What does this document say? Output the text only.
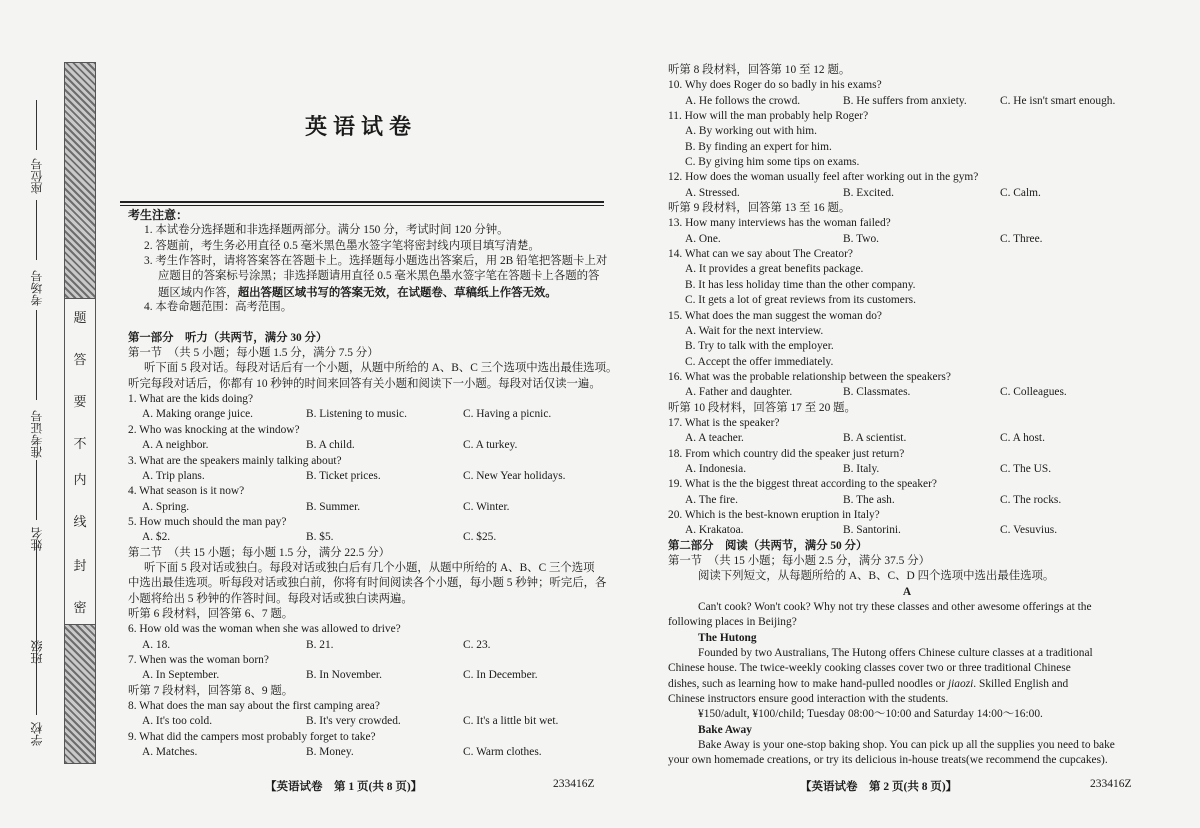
题
答
要
不
内
线
封
密
学校
班级
姓名
准考证号
考场号
座位号
英语试卷
考生注意：
1. 本试卷分选择题和非选择题两部分。满分 150 分，考试时间 120 分钟。
2. 答题前，考生务必用直径 0.5 毫米黑色墨水签字笔将密封线内项目填写清楚。
3. 考生作答时，请将答案答在答题卡上。选择题每小题选出答案后，用 2B 铅笔把答题卡上对
应题目的答案标号涂黑；非选择题请用直径 0.5 毫米黑色墨水签字笔在答题卡上各题的答
题区域内作答，超出答题区域书写的答案无效，在试题卷、草稿纸上作答无效。
4. 本卷命题范围：高考范围。
第一部分　听力（共两节，满分 30 分）
第一节　（共 5 小题；每小题 1.5 分，满分 7.5 分）
听下面 5 段对话。每段对话后有一个小题，从题中所给的 A、B、C 三个选项中选出最佳选项。
听完每段对话后，你都有 10 秒钟的时间来回答有关小题和阅读下一小题。每段对话仅读一遍。
1. What are the kids doing?
A. Making orange juice.	B. Listening to music.	C. Having a picnic.
2. Who was knocking at the window?
A. A neighbor.	B. A child.	C. A turkey.
3. What are the speakers mainly talking about?
A. Trip plans.	B. Ticket prices.	C. New Year holidays.
4. What season is it now?
A. Spring.	B. Summer.	C. Winter.
5. How much should the man pay?
A. $2.	B. $5.	C. $25.
第二节　（共 15 小题；每小题 1.5 分，满分 22.5 分）
听下面 5 段对话或独白。每段对话或独白后有几个小题，从题中所给的 A、B、C 三个选项
中选出最佳选项。听每段对话或独白前，你将有时间阅读各个小题，每小题 5 秒钟；听完后，各
小题将给出 5 秒钟的作答时间。每段对话或独白读两遍。
听第 6 段材料，回答第 6、7 题。
6. How old was the woman when she was allowed to drive?
A. 18.	B. 21.	C. 23.
7. When was the woman born?
A. In September.	B. In November.	C. In December.
听第 7 段材料，回答第 8、9 题。
8. What does the man say about the first camping area?
A. It's too cold.	B. It's very crowded.	C. It's a little bit wet.
9. What did the campers most probably forget to take?
A. Matches.	B. Money.	C. Warm clothes.
【英语试卷　第 1 页(共 8 页)】	233416Z
听第 8 段材料，回答第 10 至 12 题。
10. Why does Roger do so badly in his exams?
A. He follows the crowd.	B. He suffers from anxiety.	C. He isn't smart enough.
11. How will the man probably help Roger?
A. By working out with him.
B. By finding an expert for him.
C. By giving him some tips on exams.
12. How does the woman usually feel after working out in the gym?
A. Stressed.	B. Excited.	C. Calm.
听第 9 段材料，回答第 13 至 16 题。
13. How many interviews has the woman failed?
A. One.	B. Two.	C. Three.
14. What can we say about The Creator?
A. It provides a great benefits package.
B. It has less holiday time than the other company.
C. It gets a lot of great reviews from its customers.
15. What does the man suggest the woman do?
A. Wait for the next interview.
B. Try to talk with the employer.
C. Accept the offer immediately.
16. What was the probable relationship between the speakers?
A. Father and daughter.	B. Classmates.	C. Colleagues.
听第 10 段材料，回答第 17 至 20 题。
17. What is the speaker?
A. A teacher.	B. A scientist.	C. A host.
18. From which country did the speaker just return?
A. Indonesia.	B. Italy.	C. The US.
19. What is the the biggest threat according to the speaker?
A. The fire.	B. The ash.	C. The rocks.
20. Which is the best-known eruption in Italy?
A. Krakatoa.	B. Santorini.	C. Vesuvius.
第二部分　阅读（共两节，满分 50 分）
第一节　（共 15 小题；每小题 2.5 分，满分 37.5 分）
阅读下列短文，从每题所给的 A、B、C、D 四个选项中选出最佳选项。
A
Can't cook? Won't cook? Why not try these classes and other awesome offerings at the
following places in Beijing?
The Hutong
Founded by two Australians, The Hutong offers Chinese culture classes at a traditional
Chinese house. The twice-weekly cooking classes cover two or three traditional Chinese
dishes, such as learning how to make hand-pulled noodles or jiaozi. Skilled English and
Chinese instructors ensure good interaction with the students.
¥150/adult, ¥100/child; Tuesday 08:00～10:00 and Saturday 14:00～16:00.
Bake Away
Bake Away is your one-stop baking shop. You can pick up all the supplies you need to bake
your own homemade creations, or try its delicious in-house treats(we recommend the cupcakes).
【英语试卷　第 2 页(共 8 页)】	233416Z
